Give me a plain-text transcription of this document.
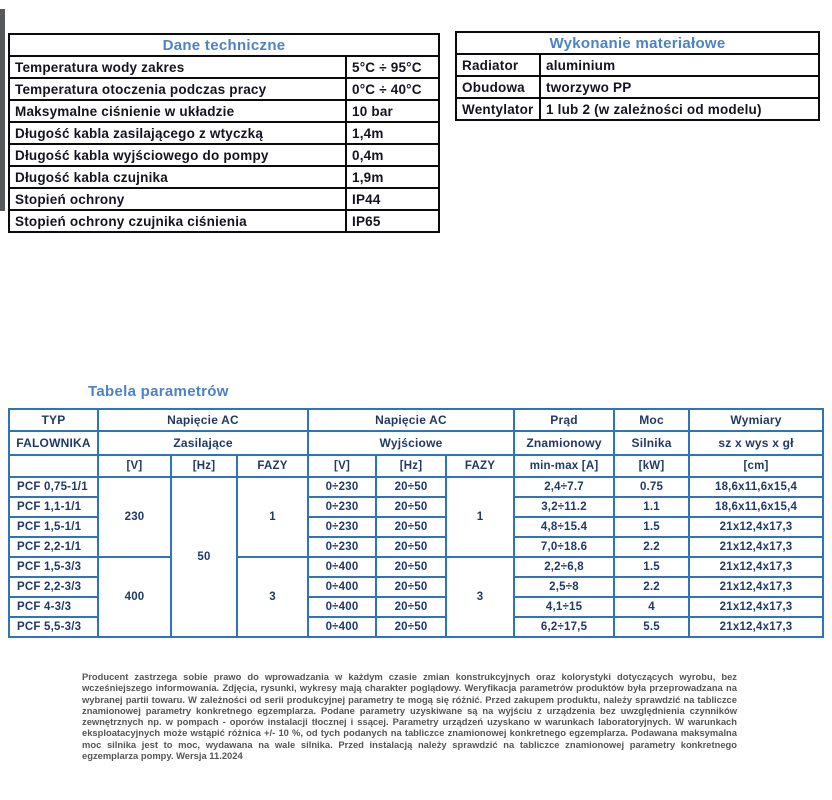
Dane techniczne	
Temperatura wody zakres	5°C ÷ 95°C
Temperatura otoczenia podczas pracy	0°C ÷ 40°C
Maksymalne ciśnienie w układzie	10 bar
Długość kabla zasilającego z wtyczką	1,4m
Długość kabla wyjściowego do pompy	0,4m
Długość kabla czujnika	1,9m
Stopień ochrony	IP44
Stopień ochrony czujnika ciśnienia	IP65
Wykonanie materiałowe	
Radiator	aluminium
Obudowa	tworzywo PP
Wentylator	1 lub 2 (w zależności od modelu)
Tabela parametrów
TYP	Napięcie AC			Napięcie AC			Prąd	Moc	Wymiary
FALOWNIKA	Zasilające			Wyjściowe			Znamionowy	Silnika	sz x wys x gł
	[V]	[Hz]	FAZY	[V]	[Hz]	FAZY	min-max [A]	[kW]	[cm]
PCF 0,75-1/1	230	50	1	0÷230	20÷50	1	2,4÷7.7	0.75	18,6x11,6x15,4
PCF 1,1-1/1				0÷230	20÷50		3,2÷11.2	1.1	18,6x11,6x15,4
PCF 1,5-1/1				0÷230	20÷50		4,8÷15.4	1.5	21x12,4x17,3
PCF 2,2-1/1				0÷230	20÷50		7,0÷18.6	2.2	21x12,4x17,3
PCF 1,5-3/3	400		3	0÷400	20÷50	3	2,2÷6,8	1.5	21x12,4x17,3
PCF 2,2-3/3				0÷400	20÷50		2,5÷8	2.2	21x12,4x17,3
PCF 4-3/3				0÷400	20÷50		4,1÷15	4	21x12,4x17,3
PCF 5,5-3/3				0÷400	20÷50		6,2÷17,5	5.5	21x12,4x17,3
Producent zastrzega sobie prawo do wprowadzania w każdym czasie zmian konstrukcyjnych oraz kolorystyki dotyczących wyrobu, bez wcześniejszego informowania. Zdjęcia, rysunki, wykresy mają charakter poglądowy. Weryfikacja parametrów produktów była przeprowadzana na wybranej partii towaru. W zależności od serii produkcyjnej parametry te mogą się różnić. Przed zakupem produktu, należy sprawdzić na tabliczce znamionowej parametry konkretnego egzemplarza. Podane parametry uzyskiwane są na wyjściu z urządzenia bez uwzględnienia czynników zewnętrznych np. w pompach - oporów instalacji tłocznej i ssącej. Parametry urządzeń uzyskano w warunkach laboratoryjnych. W warunkach eksploatacyjnych może wstąpić różnica +/- 10 %, od tych podanych na tabliczce znamionowej konkretnego egzemplarza. Podawana maksymalna moc silnika jest to moc, wydawana na wale silnika. Przed instalacją należy sprawdzić na tabliczce znamionowej parametry konkretnego egzemplarza pompy. Wersja 11.2024
